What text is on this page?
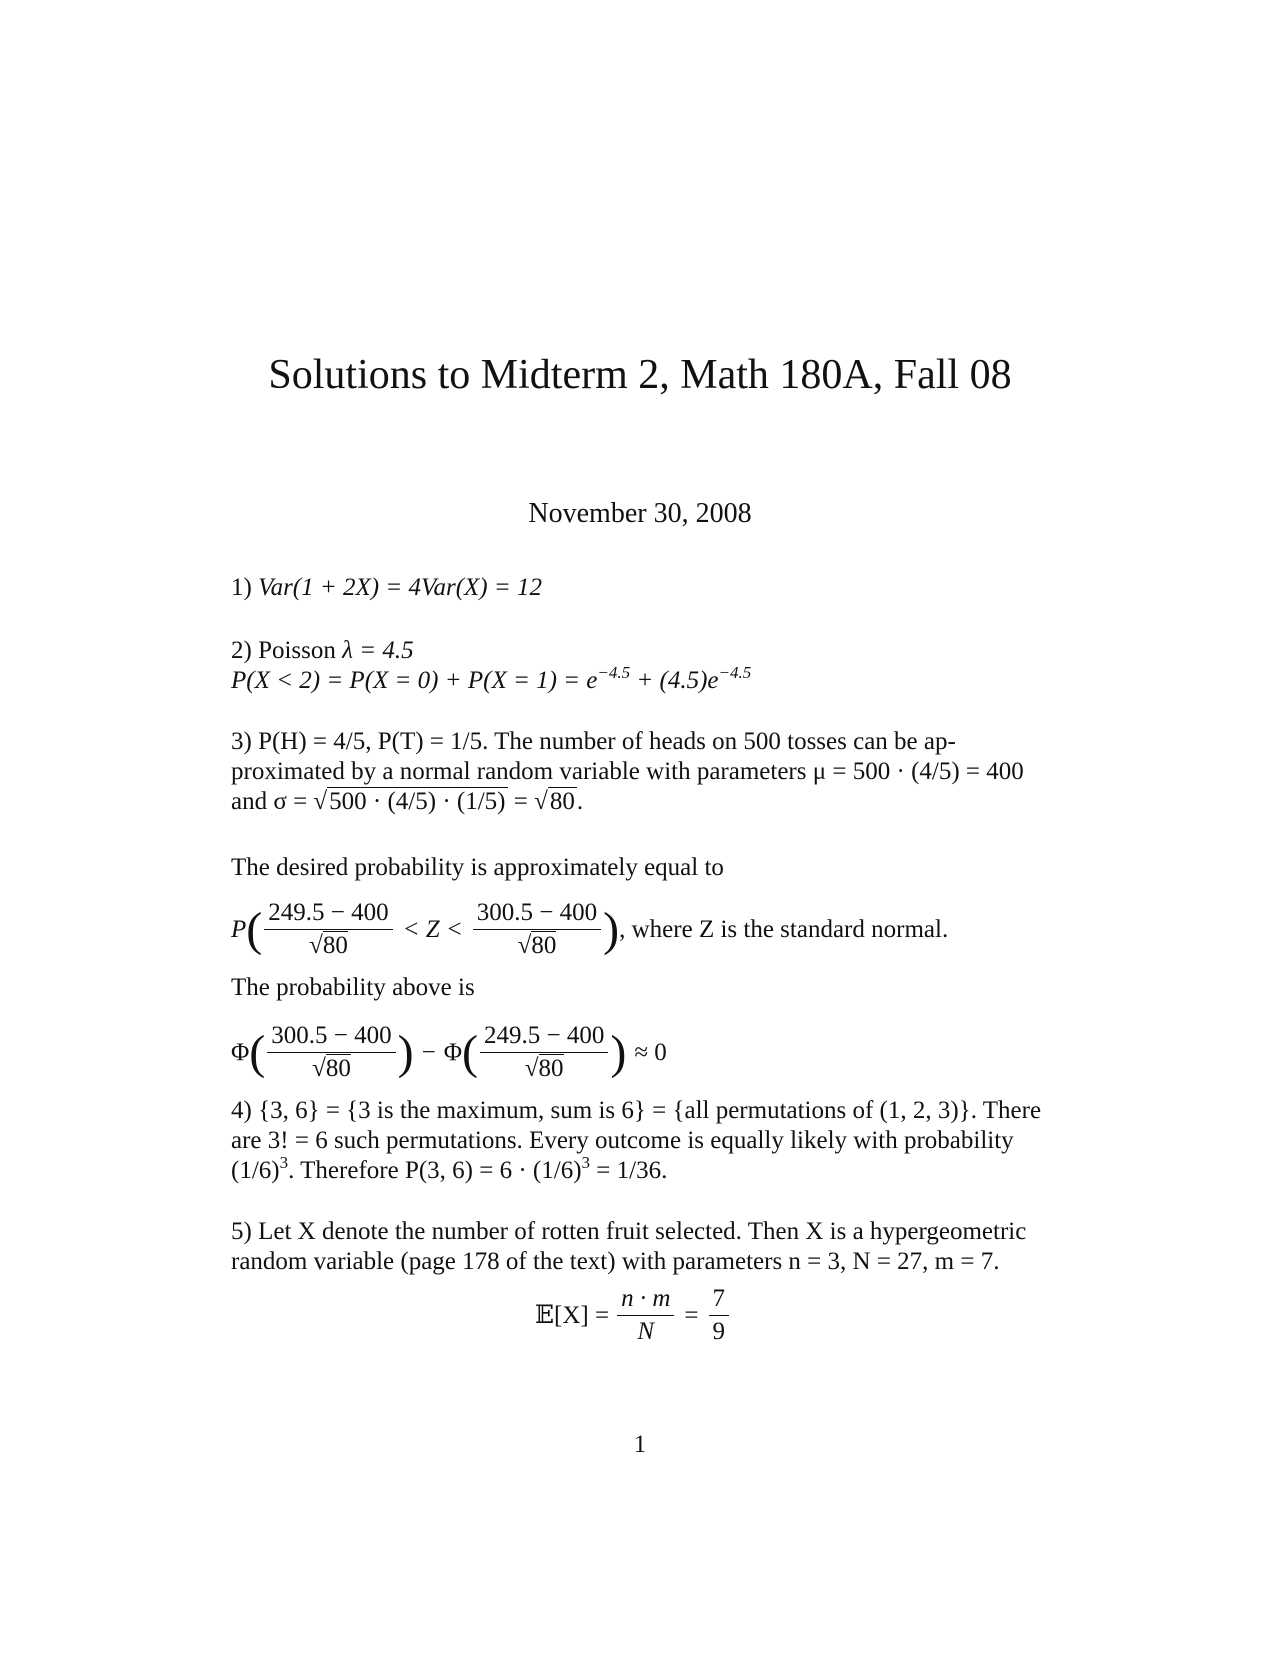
Solutions to Midterm 2, Math 180A, Fall 08
November 30, 2008
1) Var(1 + 2X) = 4Var(X) = 12
2) Poisson λ = 4.5
$P(X < 2) = P(X = 0) + P(X = 1) = e^{-4.5} + (4.5)e^{-4.5}$
3) P(H) = 4/5, P(T) = 1/5. The number of heads on 500 tosses can be ap-
proximated by a normal random variable with parameters μ = 500 · (4/5) = 400
and σ = √500 · (4/5) · (1/5) = √80.
The desired probability is approximately equal to
P ( $\frac{249.5 - 400}{√80} < Z < \frac{300.5 - 400}{√80}$ ) , where Z is the standard normal.
The probability above is
Φ ( $\frac{300.5 - 400}{√80}$ ) − Φ ( $\frac{249.5 - 400}{√80}$ ) ≈ 0
4) {3, 6} = {3 is the maximum, sum is 6} = {all permutations of (1, 2, 3)}. There
are 3! = 6 such permutations. Every outcome is equally likely with probability
$(1/6)^3$. Therefore P(3, $6) = 6 \cdot (1/6)^3 = 1/36$.
5) Let X denote the number of rotten fruit selected. Then X is a hypergeometric
random variable (page 178 of the text) with parameters n = 3, N = 27, m = 7.
𝔼[X] = $\frac{n \cdot m}{N} = \frac{7}{9}$
1
